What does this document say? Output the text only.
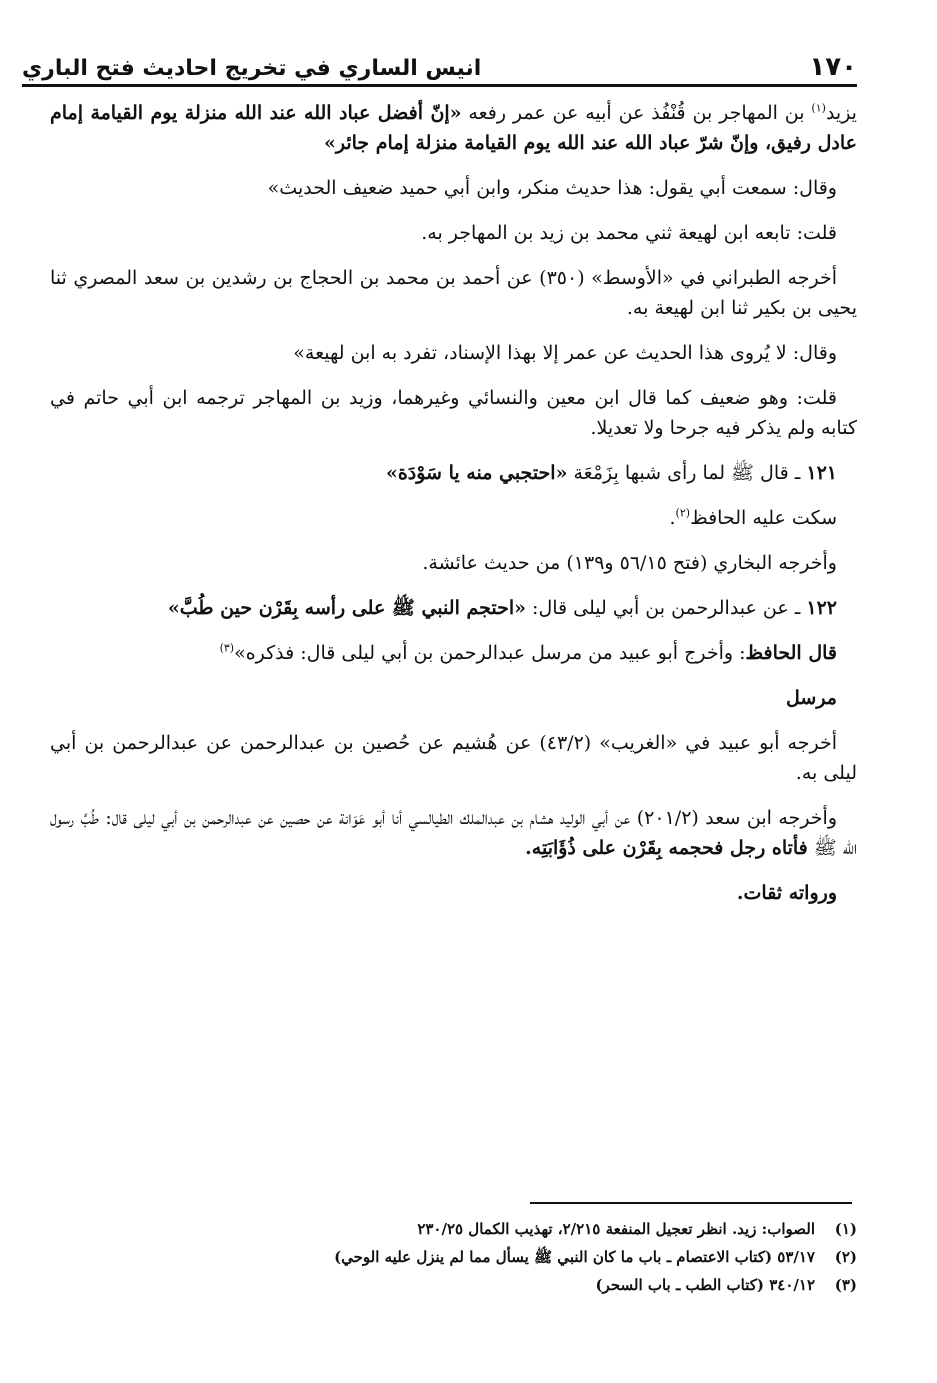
١٧٠
انيس الساري في تخريج احاديث فتح الباري

يزيد$^{(١)}$ بن المهاجر بن قُنْفُذ عن أبيه عن عمر رفعه «إنّ أفضل عباد الله عند الله منزلة يوم القيامة إمام عادل رفيق، وإنّ شرّ عباد الله عند الله يوم القيامة منزلة إمام جائر»

وقال: سمعت أبي يقول: هذا حديث منكر، وابن أبي حميد ضعيف الحديث»

قلت: تابعه ابن لهيعة ثني محمد بن زيد بن المهاجر به.

أخرجه الطبراني في «الأوسط» (٣٥٠) عن أحمد بن محمد بن الحجاج بن رشدين بن سعد المصري ثنا يحيى بن بكير ثنا ابن لهيعة به.

وقال: لا يُروى هذا الحديث عن عمر إلا بهذا الإسناد، تفرد به ابن لهيعة»

قلت: وهو ضعيف كما قال ابن معين والنسائي وغيرهما، وزيد بن المهاجر ترجمه ابن أبي حاتم في كتابه ولم يذكر فيه جرحا ولا تعديلا.

١٢١ ـ قال ﷺ لما رأى شبها بِزَمْعَة «احتجبي منه يا سَوْدَة»

سكت عليه الحافظ$^{(٢)}$.

وأخرجه البخاري (فتح ٥٦/١٥ و١٣٩) من حديث عائشة.

١٢٢ ـ عن عبدالرحمن بن أبي ليلى قال: «احتجم النبي ﷺ على رأسه بِقَرْن حين طُبَّ»

قال الحافظ: وأخرج أبو عبيد من مرسل عبدالرحمن بن أبي ليلى قال: فذكره»$^{(٣)}$

مرسل

أخرجه أبو عبيد في «الغريب» (٤٣/٢) عن هُشيم عن حُصين بن عبدالرحمن عن عبدالرحمن بن أبي ليلى به.

وأخرجه ابن سعد (٢٠١/٢) عن أبي الوليد هشام بن عبدالملك الطيالسي أنا أبو عَوَانة عن حصين عن عبدالرحمن بن أبي ليلى قال: طُبَّ رسول الله ﷺ فأتاه رجل فحجمه بِقَرْن على ذُؤَابَتِه.

ورواته ثقات.

(١)
الصواب: زيد. انظر تعجيل المنفعة ٢/٢١٥، تهذيب الكمال ٢٣٠/٢٥
(٢)
٥٣/١٧ (كتاب الاعتصام ـ باب ما كان النبي ﷺ يسأل مما لم ينزل عليه الوحي)
(٣)
٣٤٠/١٢ (كتاب الطب ـ باب السحر)
